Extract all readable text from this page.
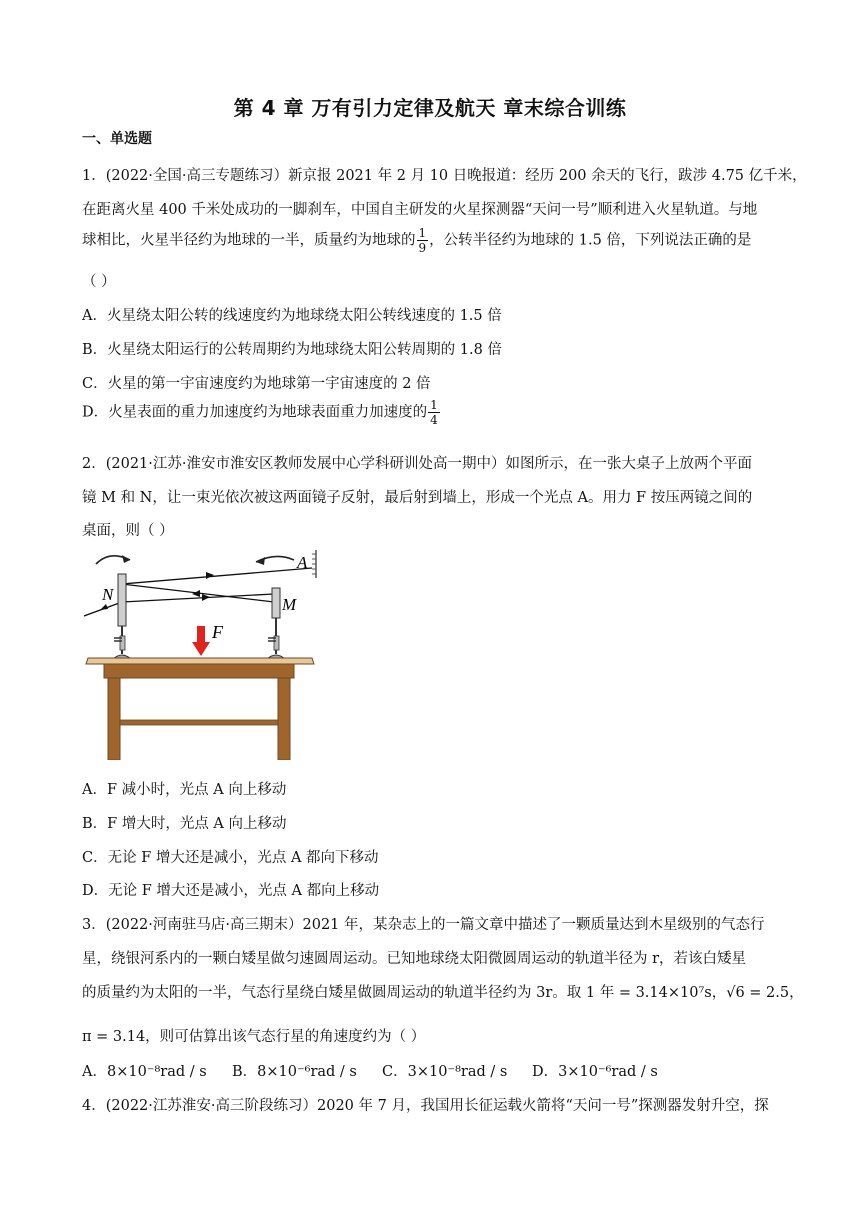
第 4 章 万有引力定律及航天 章末综合训练
一、单选题
1．(2022·全国·高三专题练习）新京报 2021 年 2 月 10 日晚报道：经历 200 余天的飞行，跋涉 4.75 亿千米，
在距离火星 400 千米处成功的一脚刹车，中国自主研发的火星探测器“天问一号”顺利进入火星轨道。与地
球相比，火星半径约为地球的一半，质量约为地球的 $\frac{1}{9}$ ，公转半径约为地球的 1.5 倍，下列说法正确的是
（ ）
A．火星绕太阳公转的线速度约为地球绕太阳公转线速度的 1.5 倍
B．火星绕太阳运行的公转周期约为地球绕太阳公转周期的 1.8 倍
C．火星的第一宇宙速度约为地球第一宇宙速度的 2 倍
D．火星表面的重力加速度约为地球表面重力加速度的 $\frac{1}{4}$
2．(2021·江苏·淮安市淮安区教师发展中心学科研训处高一期中）如图所示，在一张大桌子上放两个平面
镜 M 和 N，让一束光依次被这两面镜子反射，最后射到墙上，形成一个光点 A。用力 F 按压两镜之间的
桌面，则（ ）
A
N
M
F
A．F 减小时，光点 A 向上移动
B．F 增大时，光点 A 向上移动
C．无论 F 增大还是减小，光点 A 都向下移动
D．无论 F 增大还是减小，光点 A 都向上移动
3．(2022·河南驻马店·高三期末）2021 年，某杂志上的一篇文章中描述了一颗质量达到木星级别的气态行
星，绕银河系内的一颗白矮星做匀速圆周运动。已知地球绕太阳微圆周运动的轨道半径为 r，若该白矮星
的质量约为太阳的一半，气态行星绕白矮星做圆周运动的轨道半径约为 3r。取 1 年 = 3.14×10⁷s，√6 = 2.5，
π = 3.14，则可估算出该气态行星的角速度约为（ ）
A．8×10⁻⁸rad / s B．8×10⁻⁶rad / s C．3×10⁻⁸rad / s D．3×10⁻⁶rad / s
4．(2022·江苏淮安·高三阶段练习）2020 年 7 月，我国用长征运载火箭将“天问一号”探测器发射升空，探
